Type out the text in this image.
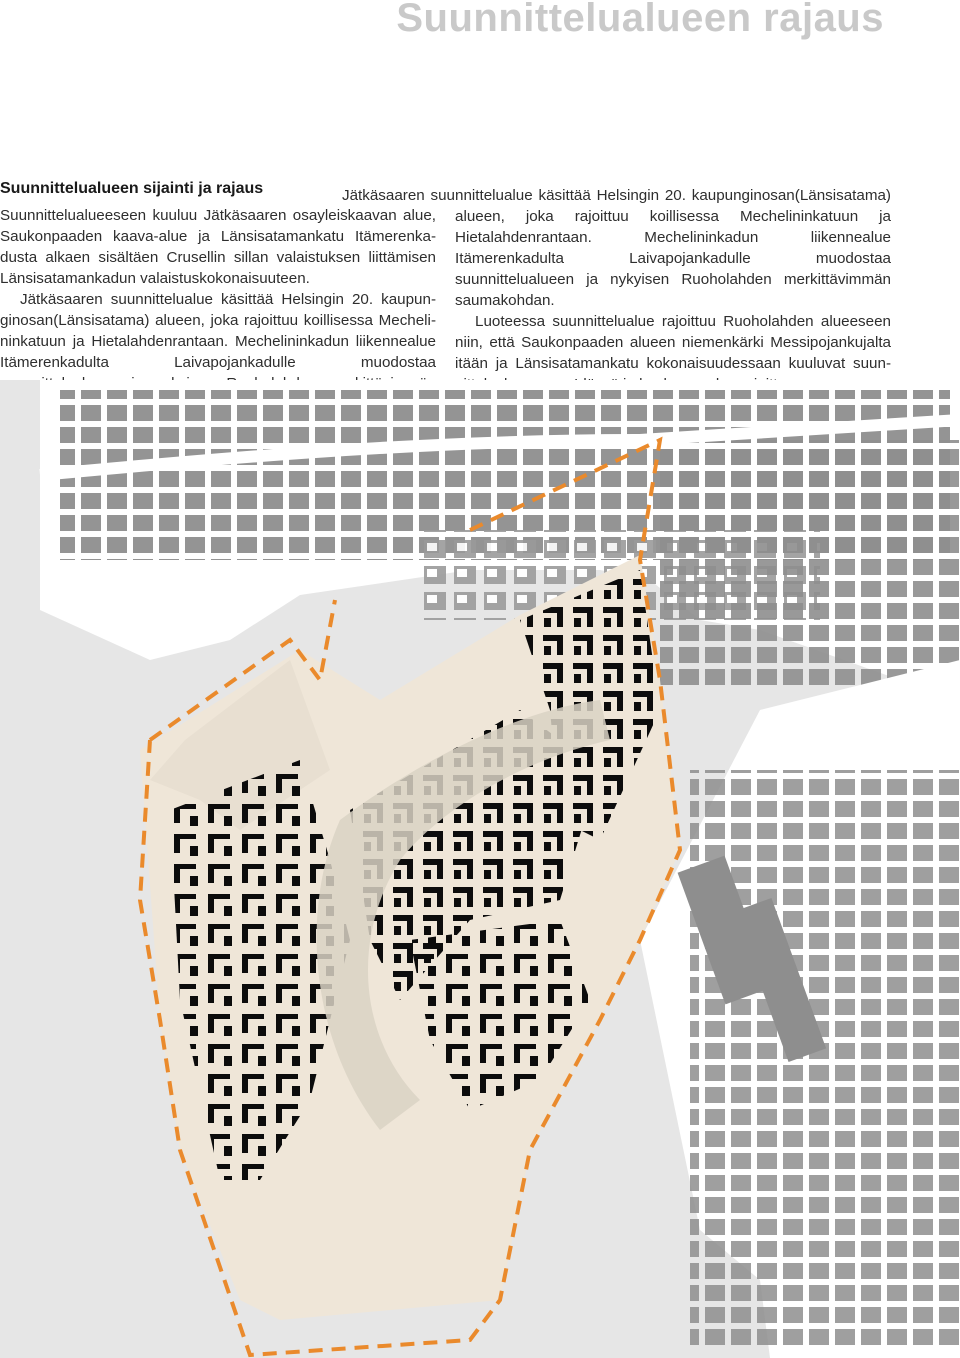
Suunnittelualueen rajaus
Suunnittelualueen sijainti ja rajaus

Suunnittelualueeseen kuuluu Jätkäsaaren osayleiskaavan alue, Saukonpaaden kaava-alue ja Länsisatamankatu Itämerenkadusta alkaen sisältäen Crusellin sillan valaistuksen liittämisen Länsisatamankadun valaistuskokonaisuuteen.

Jätkäsaaren suunnittelualue käsittää Helsingin 20. kaupunginosan(Länsisatama) alueen, joka rajoittuu koillisessa Mechelininkatuun ja Hietalahdenrantaan. Mechelininkadun liikennealue Itämerenkadulta Laivapojankadulle muodostaa

Jätkäsaaren suunnittelualue käsittää Helsingin 20. kaupunginosan(Länsisatama) alueen, joka rajoittuu koillisessa Mechelininkatuun ja Hietalahdenrantaan. Mechelininkadun liikennealue Itämerenkadulta Laivapojankadulle muodostaa suunnittelualueen ja nykyisen Ruoholahden merkittävimmän saumakohdan.

Luoteessa suunnittelualue rajoittuu Ruoholahden alueeseen niin, että Saukonpaaden alueen niemenkärki Messipojankujalta itään ja Länsisatamankatu kokonaisuudessaan kuuluvat suun
